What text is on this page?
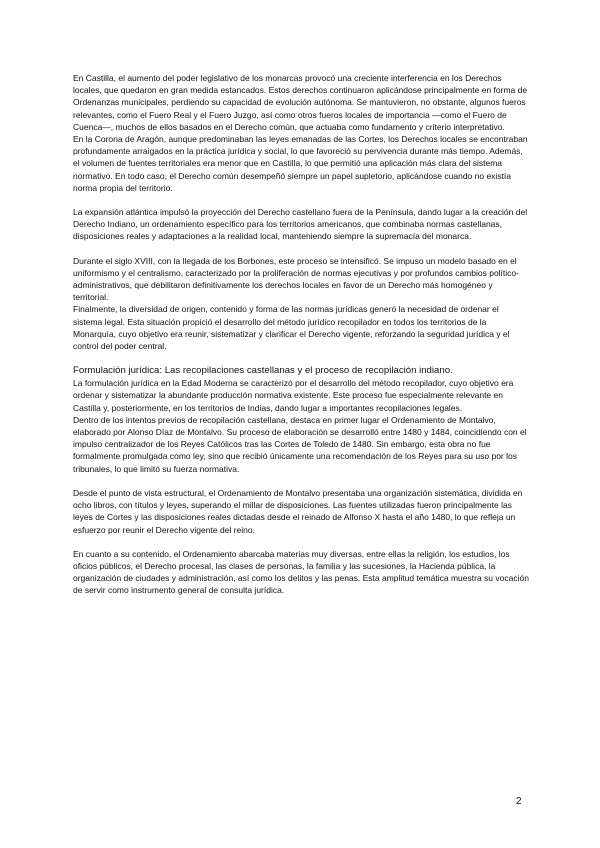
En Castilla, el aumento del poder legislativo de los monarcas provocó una creciente interferencia en los Derechos locales, que quedaron en gran medida estancados. Estos derechos continuaron aplicándose principalmente en forma de Ordenanzas municipales, perdiendo su capacidad de evolución autónoma. Se mantuvieron, no obstante, algunos fueros relevantes, como el Fuero Real y el Fuero Juzgo, así como otros fueros locales de importancia —como el Fuero de Cuenca—, muchos de ellos basados en el Derecho común, que actuaba como fundamento y criterio interpretativo.

En la Corona de Aragón, aunque predominaban las leyes emanadas de las Cortes, los Derechos locales se encontraban profundamente arraigados en la práctica jurídica y social, lo que favoreció su pervivencia durante más tiempo. Además, el volumen de fuentes territoriales era menor que en Castilla, lo que permitió una aplicación más clara del sistema normativo. En todo caso, el Derecho común desempeñó siempre un papel supletorio, aplicándose cuando no existía norma propia del territorio.

La expansión atlántica impulsó la proyección del Derecho castellano fuera de la Península, dando lugar a la creación del Derecho Indiano, un ordenamiento específico para los territorios americanos, que combinaba normas castellanas, disposiciones reales y adaptaciones a la realidad local, manteniendo siempre la supremacía del monarca.

Durante el siglo XVIII, con la llegada de los Borbones, este proceso se intensificó. Se impuso un modelo basado en el uniformismo y el centralismo, caracterizado por la proliferación de normas ejecutivas y por profundos cambios político-administrativos, que debilitaron definitivamente los derechos locales en favor de un Derecho más homogéneo y territorial.

Finalmente, la diversidad de origen, contenido y forma de las normas jurídicas generó la necesidad de ordenar el sistema legal. Esta situación propició el desarrollo del método jurídico recopilador en todos los territorios de la Monarquía, cuyo objetivo era reunir, sistematizar y clarificar el Derecho vigente, reforzando la seguridad jurídica y el control del poder central.

Formulación jurídica: Las recopilaciones castellanas y el proceso de recopilación indiano.

La formulación jurídica en la Edad Moderna se caracterizó por el desarrollo del método recopilador, cuyo objetivo era ordenar y sistematizar la abundante producción normativa existente. Este proceso fue especialmente relevante en Castilla y, posteriormente, en los territorios de Indias, dando lugar a importantes recopilaciones legales.

Dentro de los intentos previos de recopilación castellana, destaca en primer lugar el Ordenamiento de Montalvo, elaborado por Alonso Díaz de Montalvo. Su proceso de elaboración se desarrolló entre 1480 y 1484, coincidiendo con el impulso centralizador de los Reyes Católicos tras las Cortes de Toledo de 1480. Sin embargo, esta obra no fue formalmente promulgada como ley, sino que recibió únicamente una recomendación de los Reyes para su uso por los tribunales, lo que limitó su fuerza normativa.

Desde el punto de vista estructural, el Ordenamiento de Montalvo presentaba una organización sistemática, dividida en ocho libros, con títulos y leyes, superando el millar de disposiciones. Las fuentes utilizadas fueron principalmente las leyes de Cortes y las disposiciones reales dictadas desde el reinado de Alfonso X hasta el año 1480, lo que refleja un esfuerzo por reunir el Derecho vigente del reino.

En cuanto a su contenido, el Ordenamiento abarcaba materias muy diversas, entre ellas la religión, los estudios, los oficios públicos, el Derecho procesal, las clases de personas, la familia y las sucesiones, la Hacienda pública, la organización de ciudades y administración, así como los delitos y las penas. Esta amplitud temática muestra su vocación de servir como instrumento general de consulta jurídica.

2
